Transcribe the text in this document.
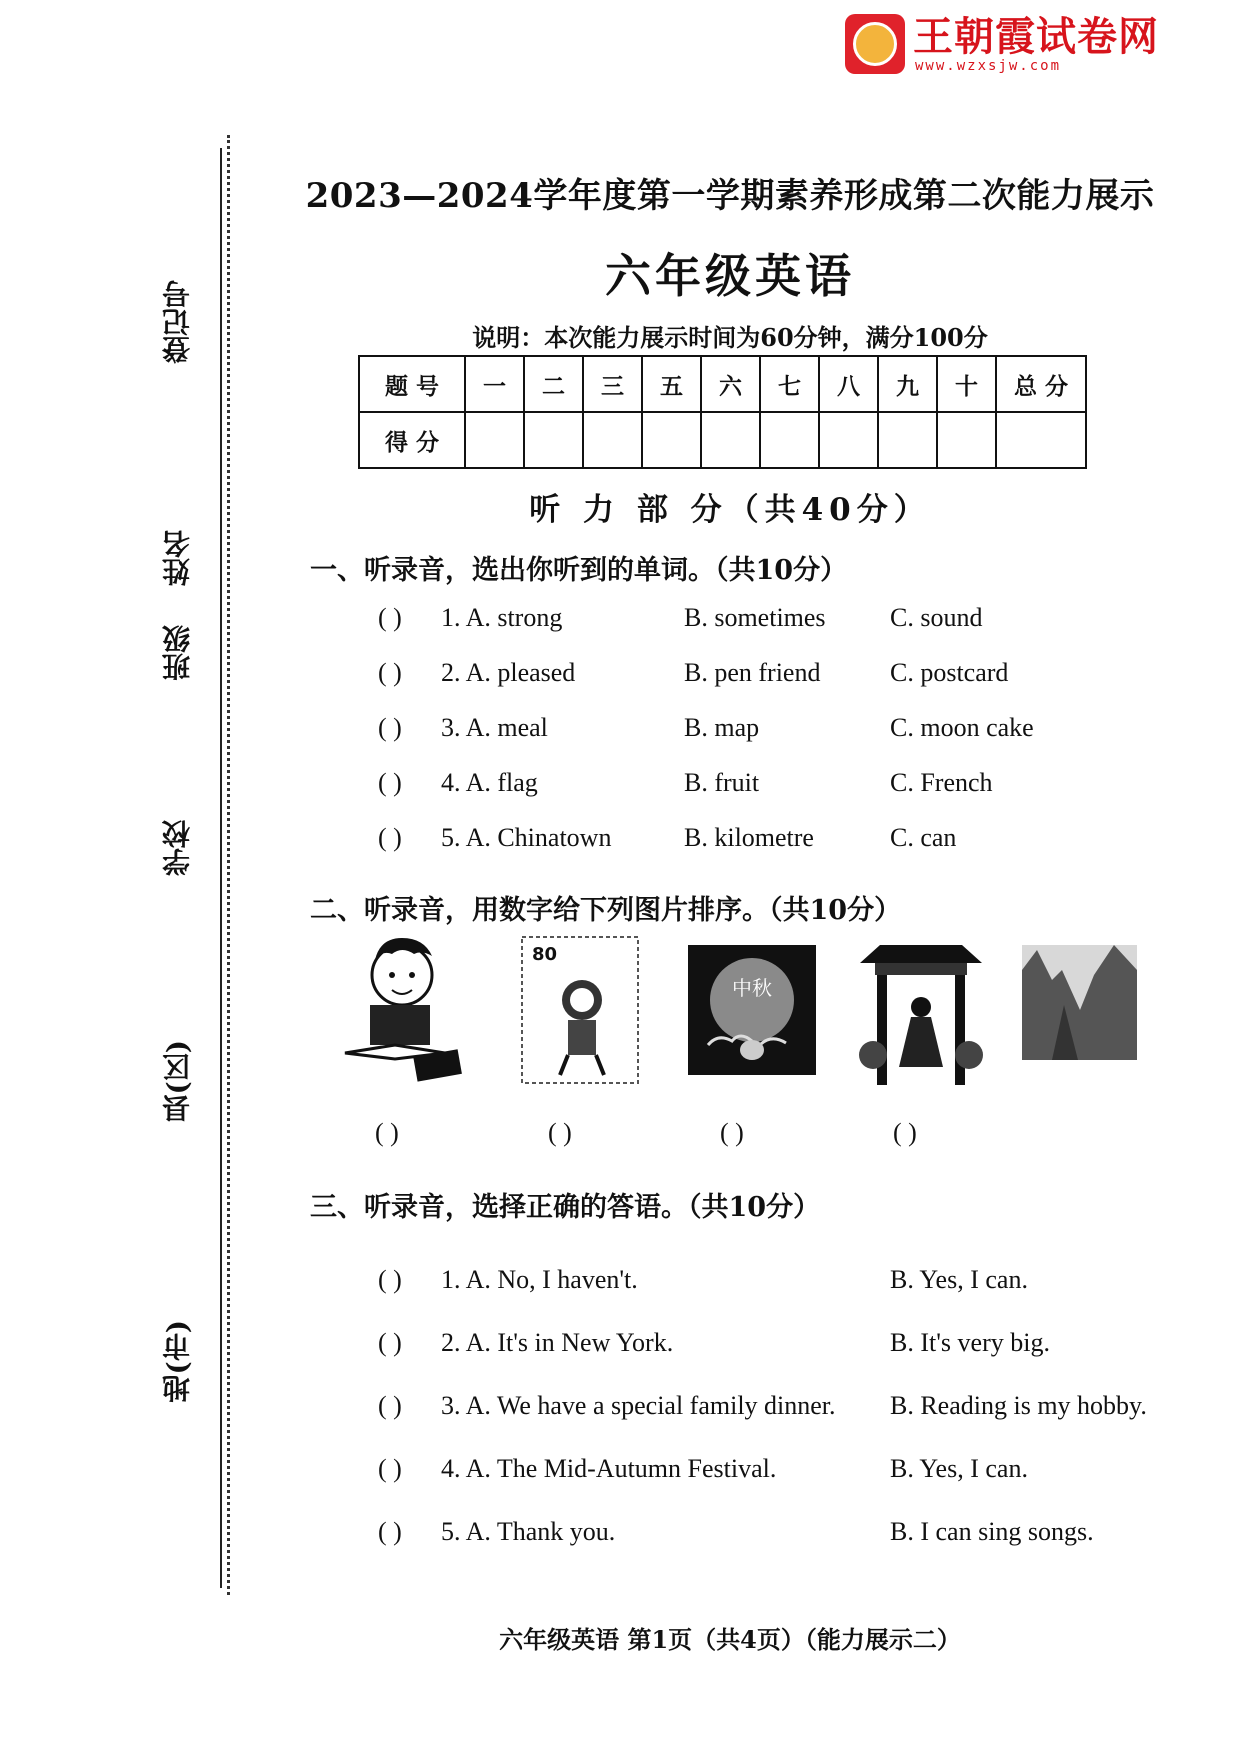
王朝霞试卷网
www.wzxsjw.com
登记号
姓名
班级
学校
县(区)
地(市)
2023—2024学年度第一学期素养形成第二次能力展示
六年级英语
说明：本次能力展示时间为60分钟，满分100分
题 号	一	二	三	五	六	七	八	九	十	总 分
得 分										
听 力 部 分（共40分）
一、听录音，选出你听到的单词。（共10分）
( ) 1. A. strong	B. sometimes C. sound
( ) 2. A. pleased	B. pen friend	C. postcard
( ) 3. A. meal	B. map	C. moon cake
( ) 4. A. flag	B. fruit	C. French
( ) 5. A. Chinatown	B. kilometre	C. can
二、听录音，用数字给下列图片排序。（共10分）
80
中秋
( )	( )	( )	( )
三、听录音，选择正确的答语。（共10分）
( ) 1. A. No, I haven't.	B. Yes, I can.
( ) 2. A. It's in New York.	B. It's very big.
( ) 3. A. We have a special family dinner. B. Reading is my hobby.
( ) 4. A. The Mid-Autumn Festival.	B. Yes, I can.
( ) 5. A. Thank you.	B. I can sing songs.
六年级英语 第1页（共4页）（能力展示二）
